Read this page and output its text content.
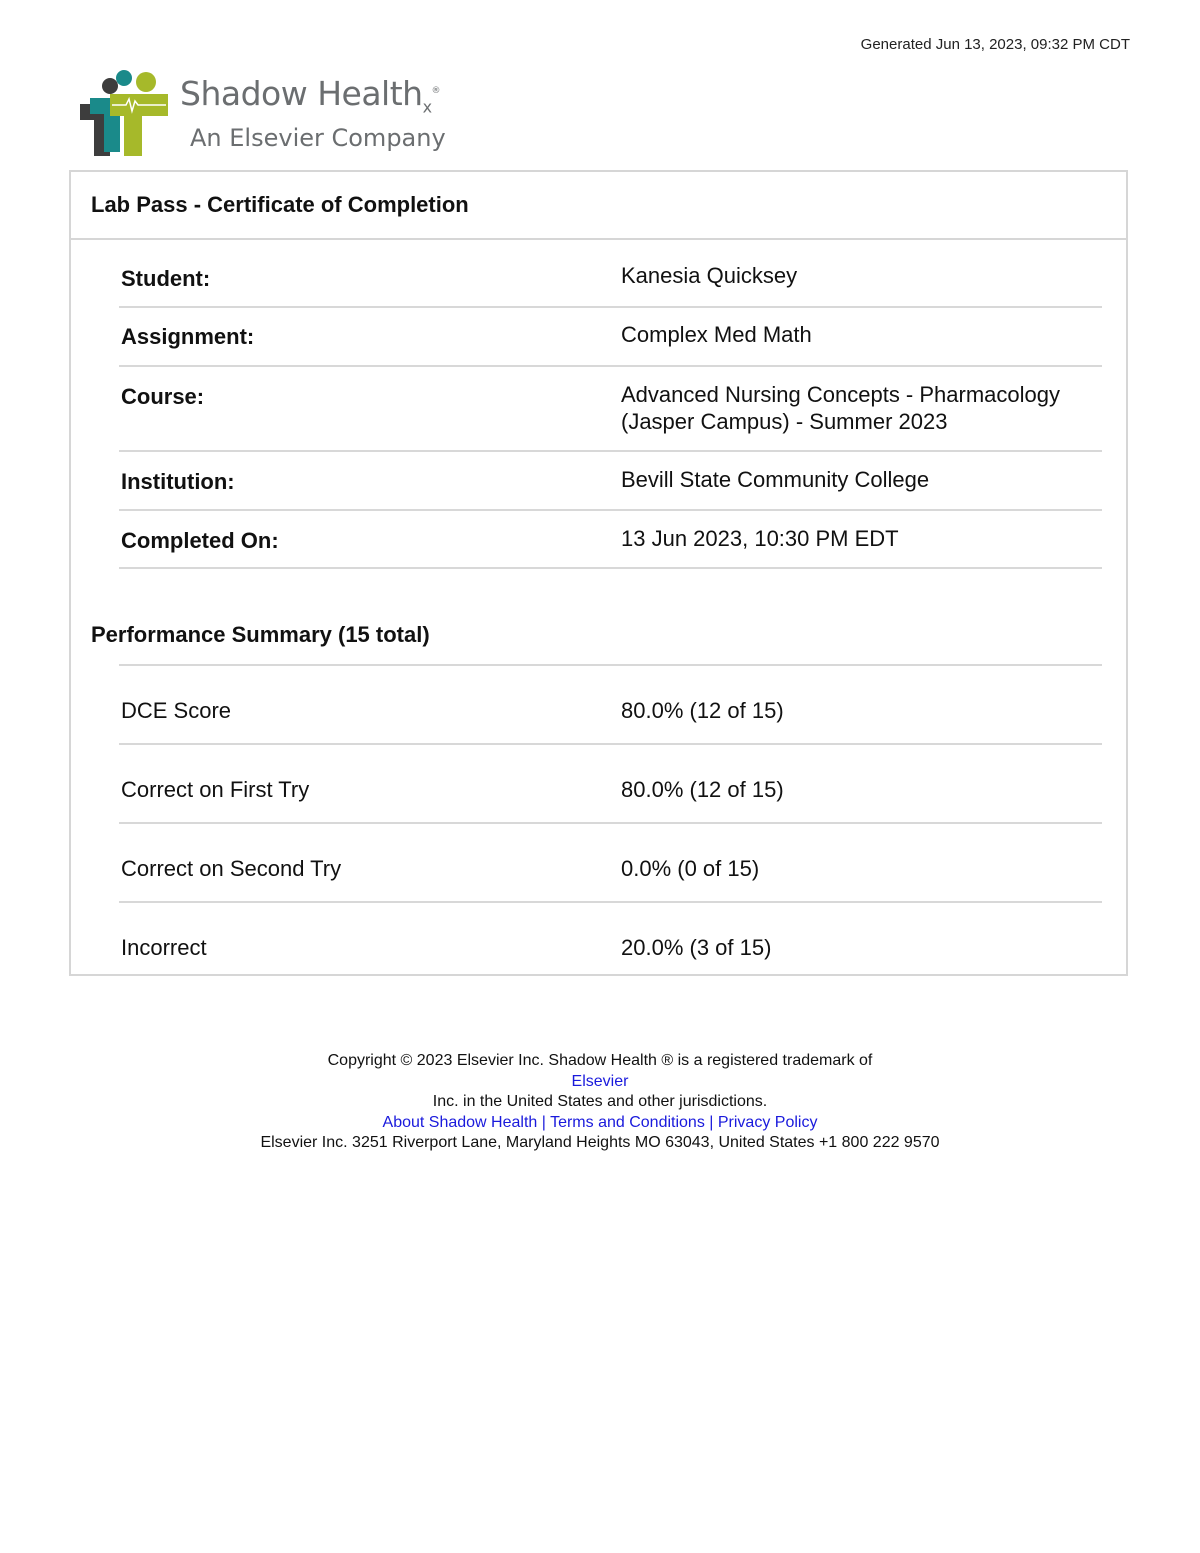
Generated Jun 13, 2023, 09:32 PM CDT
Shadow Health$_x$®
An Elsevier Company
Lab Pass - Certificate of Completion
Student:	Kanesia Quicksey
Assignment:	Complex Med Math
Course:	Advanced Nursing Concepts - Pharmacology
(Jasper Campus) - Summer 2023
Institution:	Bevill State Community College
Completed On:	13 Jun 2023, 10:30 PM EDT
Performance Summary (15 total)
DCE Score	80.0% (12 of 15)
Correct on First Try	80.0% (12 of 15)
Correct on Second Try	0.0% (0 of 15)
Incorrect	20.0% (3 of 15)
Copyright © 2023 Elsevier Inc. Shadow Health ® is a registered trademark of
Elsevier
Inc. in the United States and other jurisdictions.
About Shadow Health | Terms and Conditions | Privacy Policy
Elsevier Inc. 3251 Riverport Lane, Maryland Heights MO 63043, United States +1 800 222 9570
